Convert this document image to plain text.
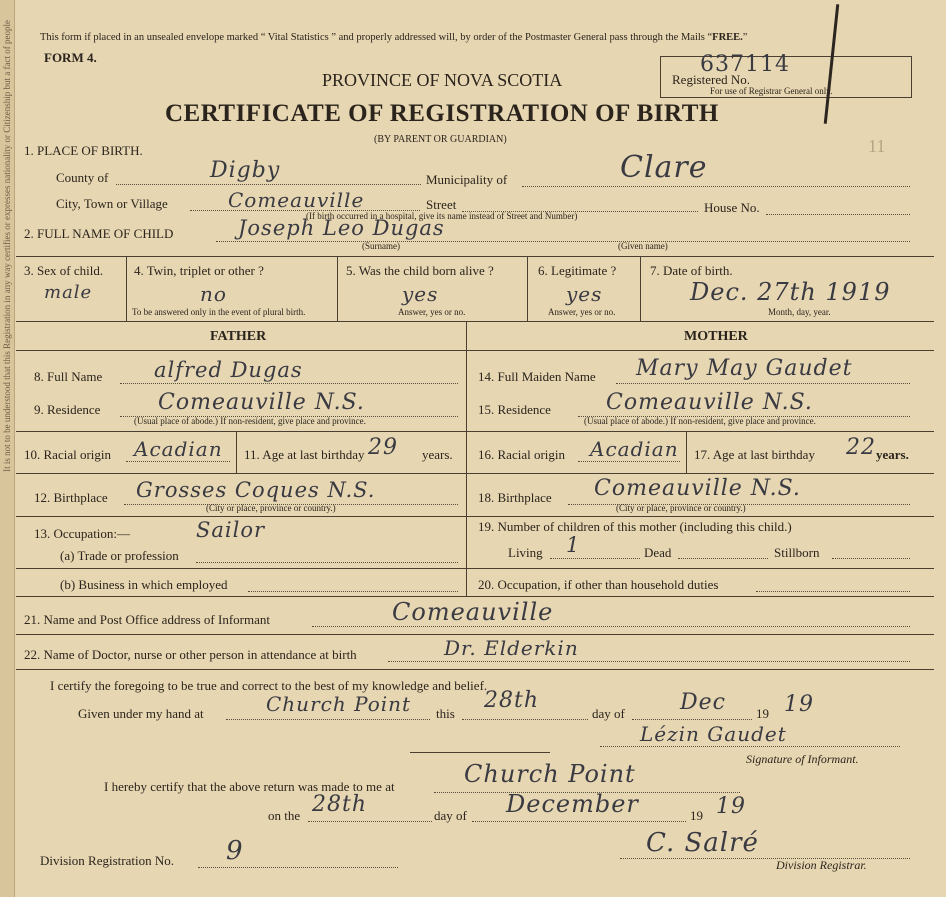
It is not to be understood that this Registration in any way certifies or expresses nationality or Citizenship but a fact of people	This form if placed in an unsealed envelope marked “ Vital Statistics ” and properly addressed will, by order of the Postmaster General pass through the Mails “FREE.”
FORM 4.
Registered No.
637114
For use of Registrar General only.
PROVINCE OF NOVA SCOTIA
CERTIFICATE OF REGISTRATION OF BIRTH
(BY PARENT OR GUARDIAN)	11
1. PLACE OF BIRTH.
County of	Digby	Municipality of	Clare
City, Town or Village	Comeauville	Street	House No.
(If birth occurred in a hospital, give its name instead of Street and Number)
2. FULL NAME OF CHILD	Joseph Leo Dugas
(Surname)	(Given name)
3. Sex of child.
male
4. Twin, triplet or other ?
no
To be answered only in the event of plural birth.
5. Was the child born alive ?
yes
Answer, yes or no.
6. Legitimate ?
yes
Answer, yes or no.
7. Date of birth.
Dec. 27th 1919
Month, day, year.
FATHER	MOTHER
8. Full Name alfred Dugas
9. Residence	Comeauville N.S.
(Usual place of abode.) If non-resident, give place and province.
10. Racial origin Acadian 11. Age at last birthday 29 years.
12. Birthplace Grosses Coques N.S.
(City or place, province or country.)
13. Occupation:—	Sailor
(a) Trade or profession
(b) Business in which employed
14. Full Maiden Name Mary May Gaudet
15. Residence	Comeauville N.S.
(Usual place of abode.) If non-resident, give place and province.
16. Racial origin Acadian 17. Age at last birthday 22 years.
18. Birthplace Comeauville N.S.
(City or place, province or country.)
19. Number of children of this mother (including this child.)
Living 1	Dead	Stillborn
20. Occupation, if other than household duties
21. Name and Post Office address of Informant	Comeauville
22. Name of Doctor, nurse or other person in attendance at birth	Dr. Elderkin
I certify the foregoing to be true and correct to the best of my knowledge and belief.
Given under my hand at	Church Point this
28th
day of	Dec 19 19
Lézin Gaudet
Signature of Informant.
I hereby certify that the above return was made to me at	Church Point
on the 28th	day of December	19 19
Division Registration No. 9	C. Salré
Division Registrar.
